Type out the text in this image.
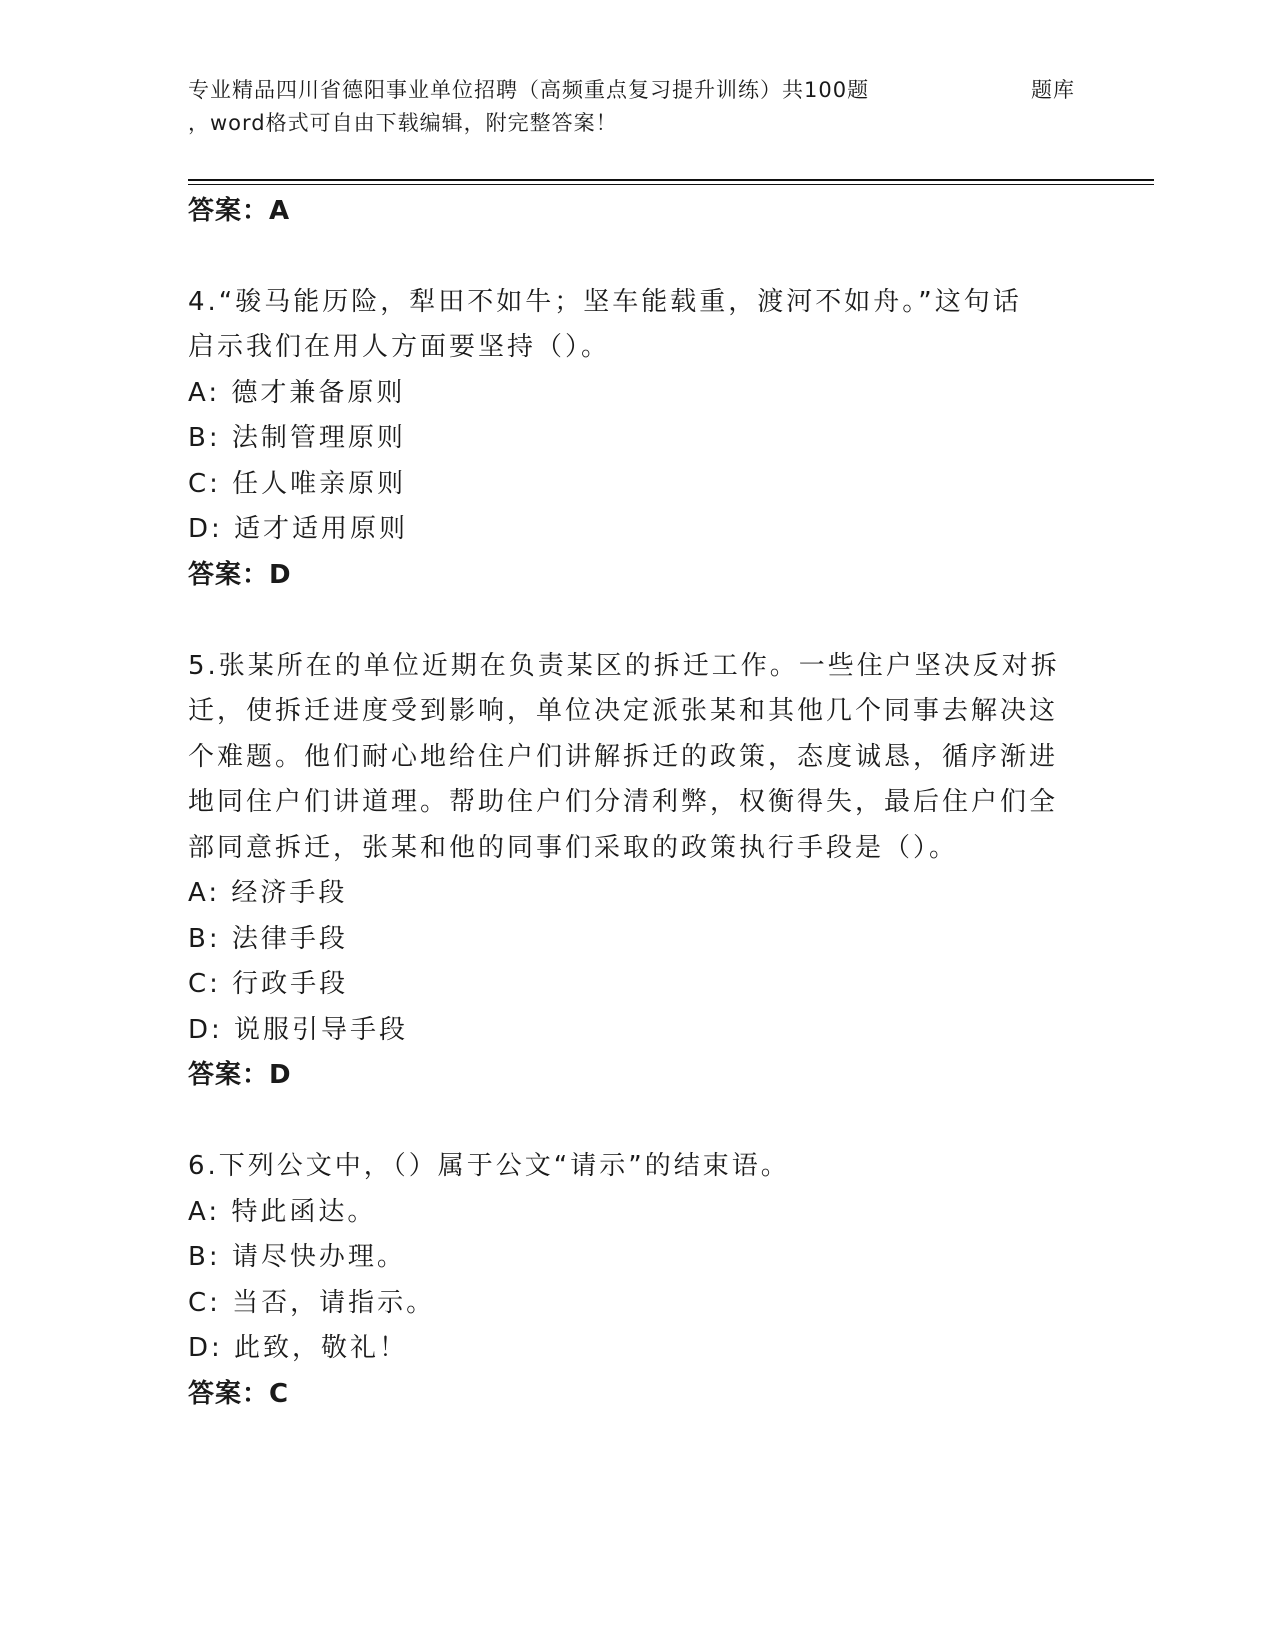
专业精品四川省德阳事业单位招聘（高频重点复习提升训练）共100题	题库
，word格式可自由下载编辑，附完整答案！
答案：A
4.“骏马能历险，犁田不如牛；坚车能载重，渡河不如舟。”这句话
启示我们在用人方面要坚持（）。
A: 德才兼备原则
B: 法制管理原则
C: 任人唯亲原则
D: 适才适用原则
答案：D
5.张某所在的单位近期在负责某区的拆迁工作。一些住户坚决反对拆
迁，使拆迁进度受到影响，单位决定派张某和其他几个同事去解决这
个难题。他们耐心地给住户们讲解拆迁的政策，态度诚恳，循序渐进
地同住户们讲道理。帮助住户们分清利弊，权衡得失，最后住户们全
部同意拆迁，张某和他的同事们采取的政策执行手段是（）。
A: 经济手段
B: 法律手段
C: 行政手段
D: 说服引导手段
答案：D
6.下列公文中，（）属于公文“请示”的结束语。
A: 特此函达。
B: 请尽快办理。
C: 当否，请指示。
D: 此致，敬礼！
答案：C
